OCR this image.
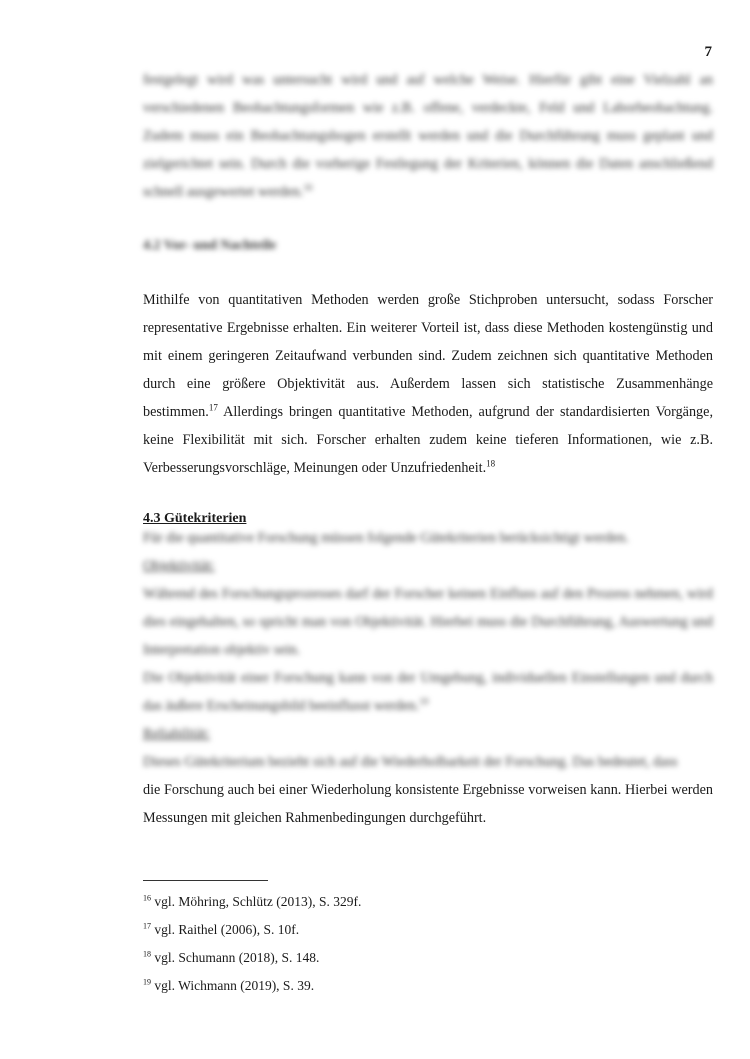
7

festgelegt wird was untersucht wird und auf welche Weise. Hierfür gibt eine Vielzahl an verschiedenen Beobachtungsformen wie z.B. offene, verdeckte, Feld und Laborbeobachtung. Zudem muss ein Beobachtungsbogen erstellt werden und die Durchführung muss geplant und zielgerichtet sein. Durch die vorherige Festlegung der Kriterien, können die Daten anschließend schnell ausgewertet werden.$^{16}$

4.2 Vor- und Nachteile

Mithilfe von quantitativen Methoden werden große Stichproben untersucht, sodass Forscher representative Ergebnisse erhalten. Ein weiterer Vorteil ist, dass diese Methoden kostengünstig und mit einem geringeren Zeitaufwand verbunden sind. Zudem zeichnen sich quantitative Methoden durch eine größere Objektivität aus. Außerdem lassen sich statistische Zusammenhänge bestimmen.$^{17}$ Allerdings bringen quantitative Methoden, aufgrund der standardisierten Vorgänge, keine Flexibilität mit sich. Forscher erhalten zudem keine tieferen Informationen, wie z.B. Verbesserungsvorschläge, Meinungen oder Unzufriedenheit.$^{18}$

4.3 Gütekriterien

Für die quantitative Forschung müssen folgende Gütekriterien berücksichtigt werden.

Objektivität:

Während des Forschungsprozesses darf der Forscher keinen Einfluss auf den Prozess nehmen, wird dies eingehalten, so spricht man von Objektivität. Hierbei muss die Durchführung, Auswertung und Interpretation objektiv sein.

Die Objektivität einer Forschung kann von der Umgebung, individuellen Einstellungen und durch das äußere Erscheinungsbild beeinflusst werden.$^{19}$

Reliabilität:

Dieses Gütekriterium bezieht sich auf die Wiederholbarkeit der Forschung. Das bedeutet, dass

die Forschung auch bei einer Wiederholung konsistente Ergebnisse vorweisen kann. Hierbei werden Messungen mit gleichen Rahmenbedingungen durchgeführt.

$^{16}$ vgl. Möhring, Schlütz (2013), S. 329f.

$^{17}$ vgl. Raithel (2006), S. 10f.

$^{18}$ vgl. Schumann (2018), S. 148.

$^{19}$ vgl. Wichmann (2019), S. 39.
